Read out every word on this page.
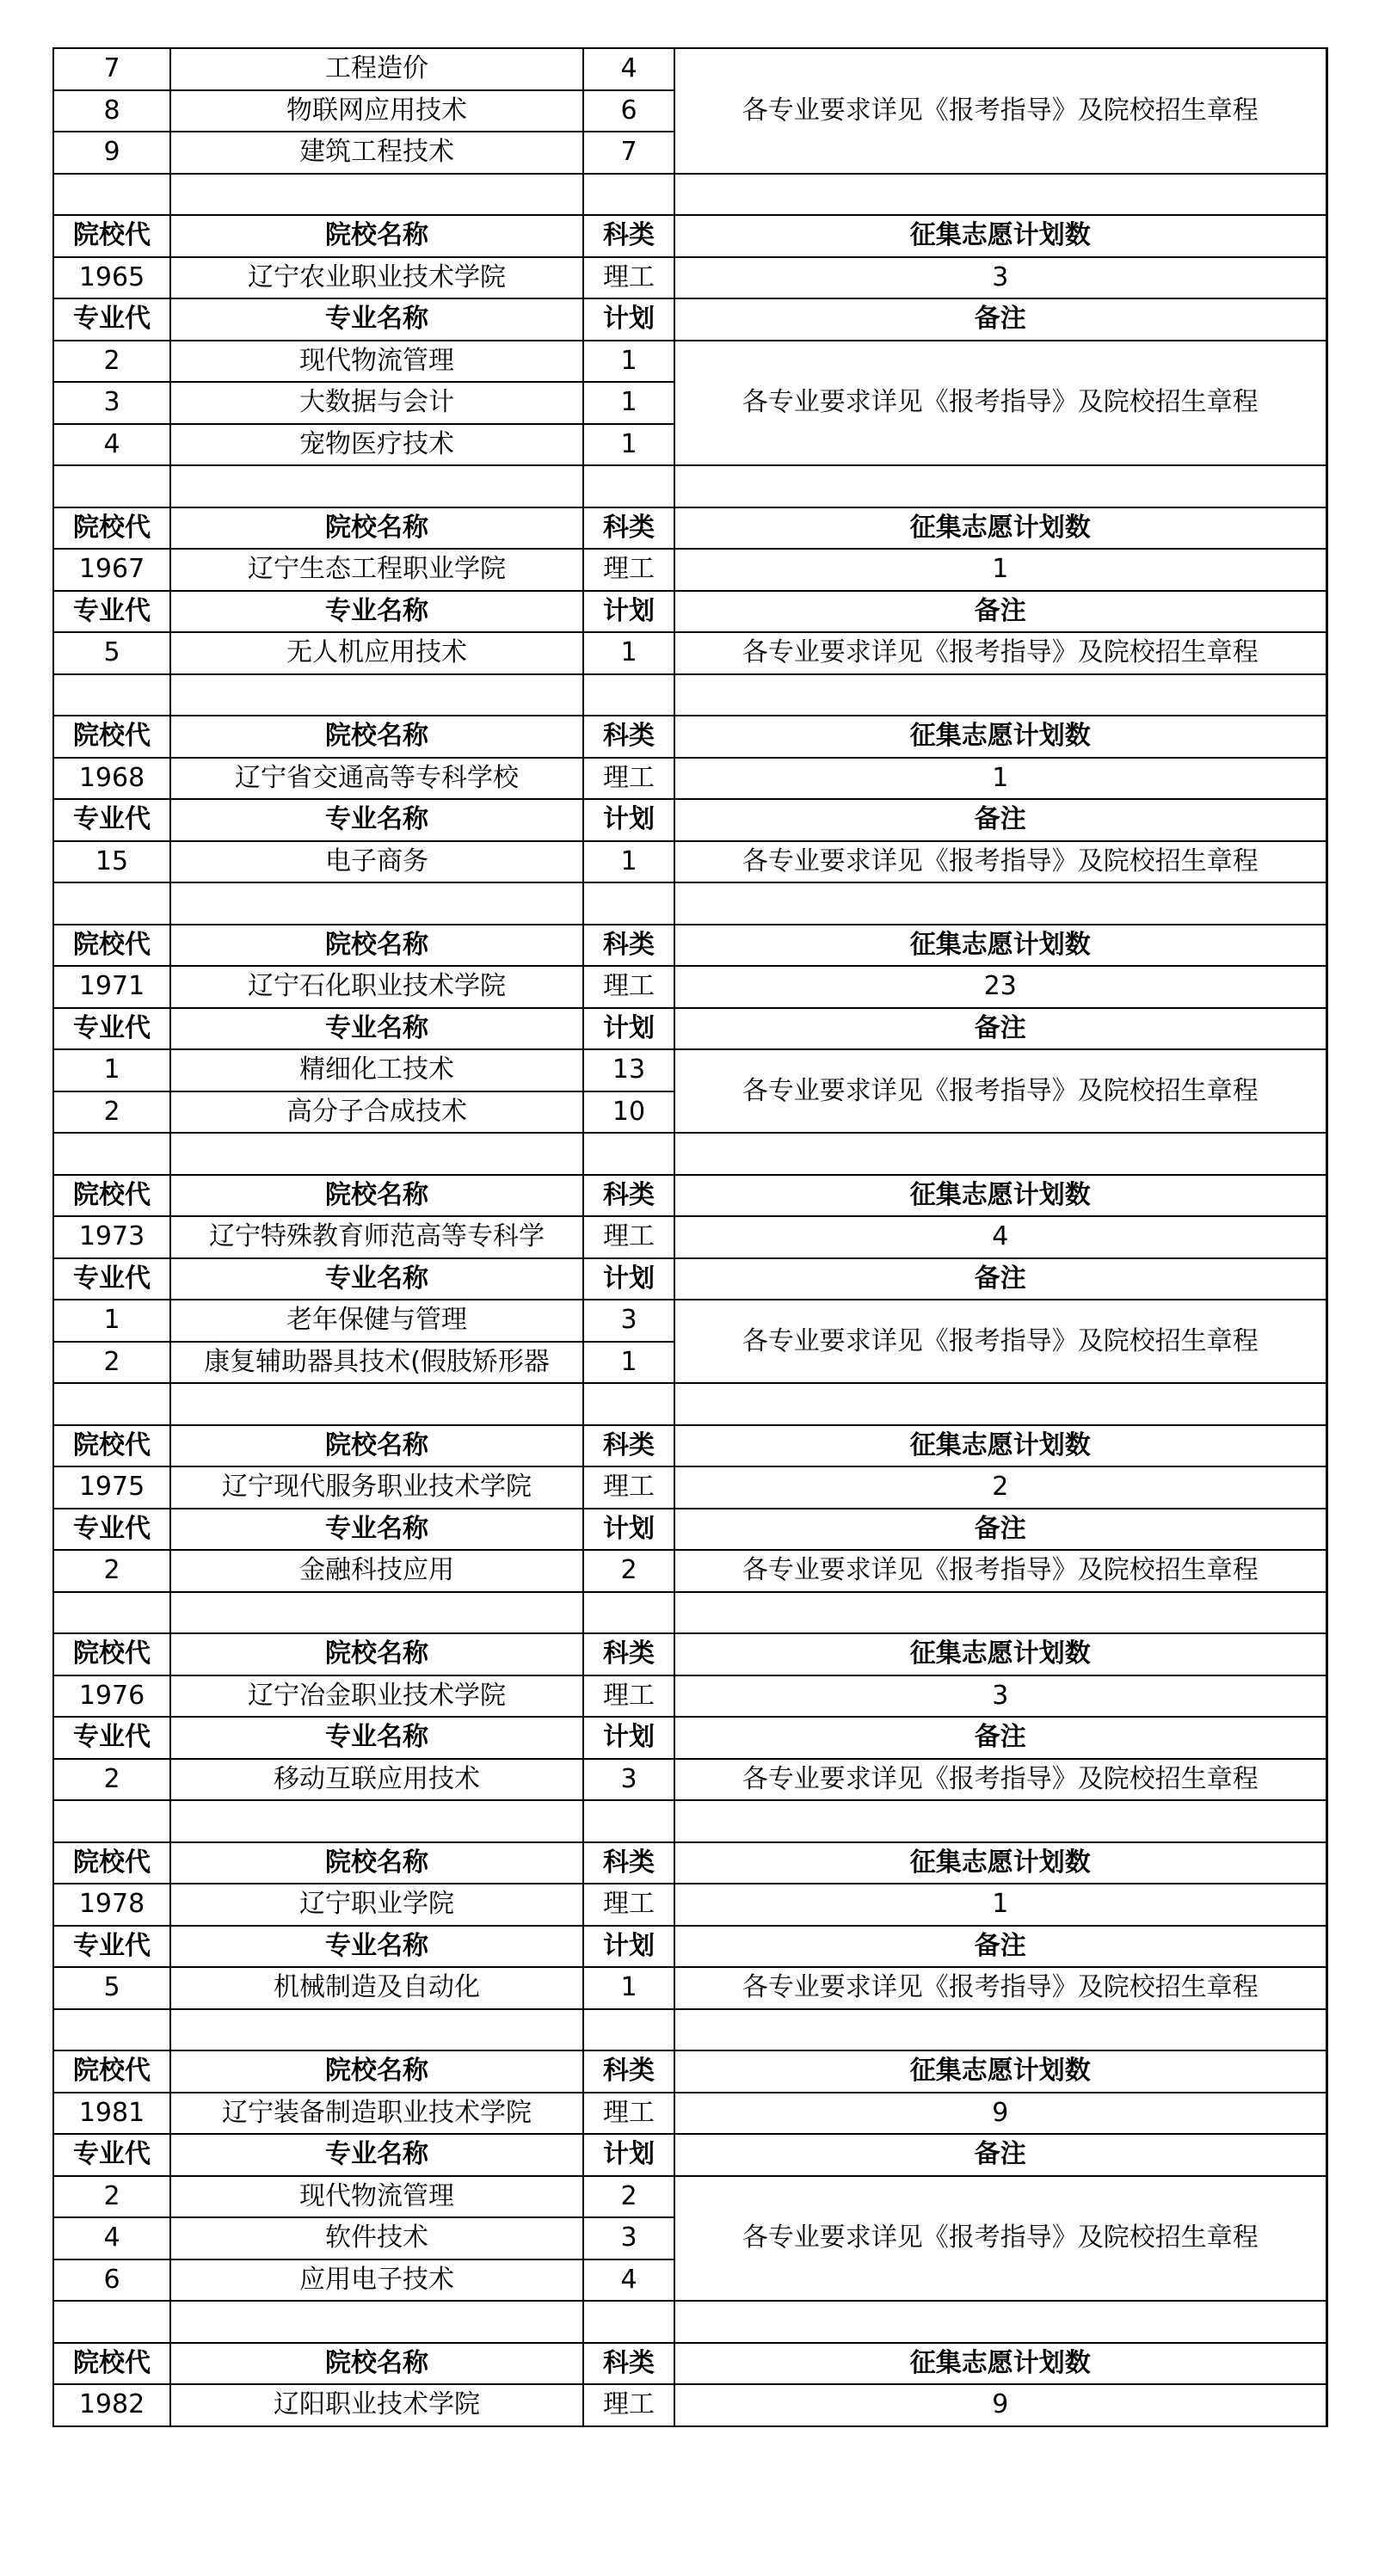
7	工程造价	4	各专业要求详见《报考指导》及院校招生章程
8	物联网应用技术	6	
9	建筑工程技术	7	

院校代	院校名称	科类	征集志愿计划数
1965	辽宁农业职业技术学院	理工	3
专业代	专业名称	计划	备注
2	现代物流管理	1	各专业要求详见《报考指导》及院校招生章程
3	大数据与会计	1	
4	宠物医疗技术	1	

院校代	院校名称	科类	征集志愿计划数
1967	辽宁生态工程职业学院	理工	1
专业代	专业名称	计划	备注
5	无人机应用技术	1	各专业要求详见《报考指导》及院校招生章程

院校代	院校名称	科类	征集志愿计划数
1968	辽宁省交通高等专科学校	理工	1
专业代	专业名称	计划	备注
15	电子商务	1	各专业要求详见《报考指导》及院校招生章程

院校代	院校名称	科类	征集志愿计划数
1971	辽宁石化职业技术学院	理工	23
专业代	专业名称	计划	备注
1	精细化工技术	13	各专业要求详见《报考指导》及院校招生章程
2	高分子合成技术	10	

院校代	院校名称	科类	征集志愿计划数
1973	辽宁特殊教育师范高等专科学	理工	4
专业代	专业名称	计划	备注
1	老年保健与管理	3	各专业要求详见《报考指导》及院校招生章程
2	康复辅助器具技术(假肢矫形器	1	

院校代	院校名称	科类	征集志愿计划数
1975	辽宁现代服务职业技术学院	理工	2
专业代	专业名称	计划	备注
2	金融科技应用	2	各专业要求详见《报考指导》及院校招生章程

院校代	院校名称	科类	征集志愿计划数
1976	辽宁冶金职业技术学院	理工	3
专业代	专业名称	计划	备注
2	移动互联应用技术	3	各专业要求详见《报考指导》及院校招生章程

院校代	院校名称	科类	征集志愿计划数
1978	辽宁职业学院	理工	1
专业代	专业名称	计划	备注
5	机械制造及自动化	1	各专业要求详见《报考指导》及院校招生章程

院校代	院校名称	科类	征集志愿计划数
1981	辽宁装备制造职业技术学院	理工	9
专业代	专业名称	计划	备注
2	现代物流管理	2	各专业要求详见《报考指导》及院校招生章程
4	软件技术	3	
6	应用电子技术	4	

院校代	院校名称	科类	征集志愿计划数
1982	辽阳职业技术学院	理工	9
